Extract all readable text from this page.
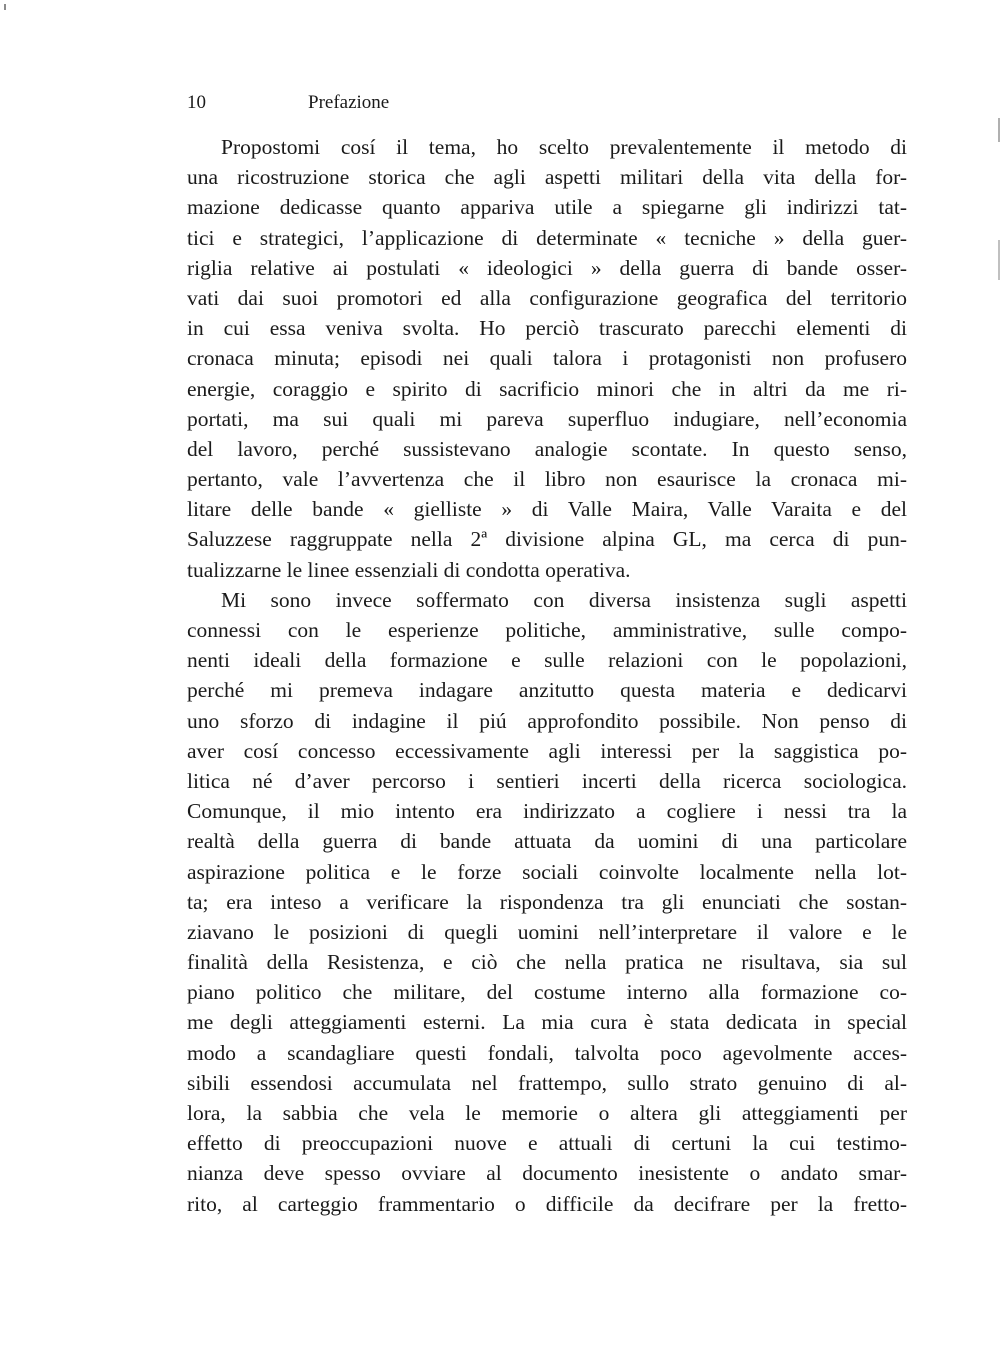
10	Prefazione
Propostomi cosí il tema, ho scelto prevalentemente il metodo di
una ricostruzione storica che agli aspetti militari della vita della for-
mazione dedicasse quanto appariva utile a spiegarne gli indirizzi tat-
tici e strategici, l’applicazione di determinate « tecniche » della guer-
riglia relative ai postulati « ideologici » della guerra di bande osser-
vati dai suoi promotori ed alla configurazione geografica del territorio
in cui essa veniva svolta. Ho perciò trascurato parecchi elementi di
cronaca minuta; episodi nei quali talora i protagonisti non profusero
energie, coraggio e spirito di sacrificio minori che in altri da me ri-
portati, ma sui quali mi pareva superfluo indugiare, nell’economia
del lavoro, perché sussistevano analogie scontate. In questo senso,
pertanto, vale l’avvertenza che il libro non esaurisce la cronaca mi-
litare delle bande « gielliste » di Valle Maira, Valle Varaita e del
Saluzzese raggruppate nella 2ª divisione alpina GL, ma cerca di pun-
tualizzarne le linee essenziali di condotta operativa.
Mi sono invece soffermato con diversa insistenza sugli aspetti
connessi con le esperienze politiche, amministrative, sulle compo-
nenti ideali della formazione e sulle relazioni con le popolazioni,
perché mi premeva indagare anzitutto questa materia e dedicarvi
uno sforzo di indagine il piú approfondito possibile. Non penso di
aver cosí concesso eccessivamente agli interessi per la saggistica po-
litica né d’aver percorso i sentieri incerti della ricerca sociologica.
Comunque, il mio intento era indirizzato a cogliere i nessi tra la
realtà della guerra di bande attuata da uomini di una particolare
aspirazione politica e le forze sociali coinvolte localmente nella lot-
ta; era inteso a verificare la rispondenza tra gli enunciati che sostan-
ziavano le posizioni di quegli uomini nell’interpretare il valore e le
finalità della Resistenza, e ciò che nella pratica ne risultava, sia sul
piano politico che militare, del costume interno alla formazione co-
me degli atteggiamenti esterni. La mia cura è stata dedicata in special
modo a scandagliare questi fondali, talvolta poco agevolmente acces-
sibili essendosi accumulata nel frattempo, sullo strato genuino di al-
lora, la sabbia che vela le memorie o altera gli atteggiamenti per
effetto di preoccupazioni nuove e attuali di certuni la cui testimo-
nianza deve spesso ovviare al documento inesistente o andato smar-
rito, al carteggio frammentario o difficile da decifrare per la fretto-
